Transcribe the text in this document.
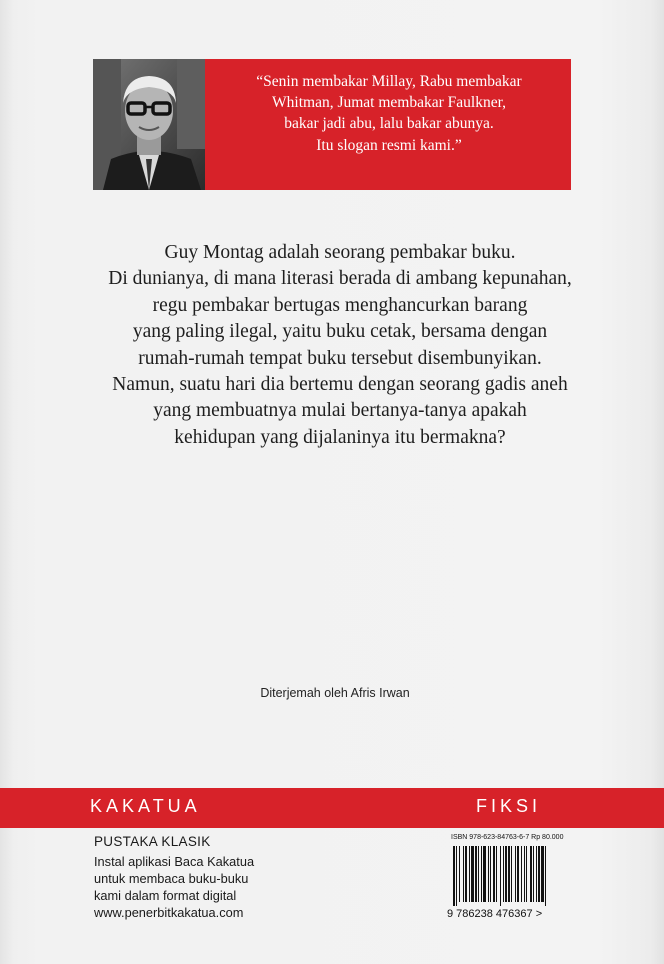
“Senin membakar Millay, Rabu membakar
Whitman, Jumat membakar Faulkner,
bakar jadi abu, lalu bakar abunya.
Itu slogan resmi kami.”
Guy Montag adalah seorang pembakar buku.
Di dunianya, di mana literasi berada di ambang kepunahan,
regu pembakar bertugas menghancurkan barang
yang paling ilegal, yaitu buku cetak, bersama dengan
rumah-rumah tempat buku tersebut disembunyikan.
Namun, suatu hari dia bertemu dengan seorang gadis aneh
yang membuatnya mulai bertanya-tanya apakah
kehidupan yang dijalaninya itu bermakna?
Diterjemah oleh Afris Irwan
KAKATUA	FIKSI
PUSTAKA KLASIK
Instal aplikasi Baca Kakatua
untuk membaca buku-buku
kami dalam format digital
www.penerbitkakatua.com
ISBN 978-623-84763-6-7 Rp 80.000
9 786238 476367 >
